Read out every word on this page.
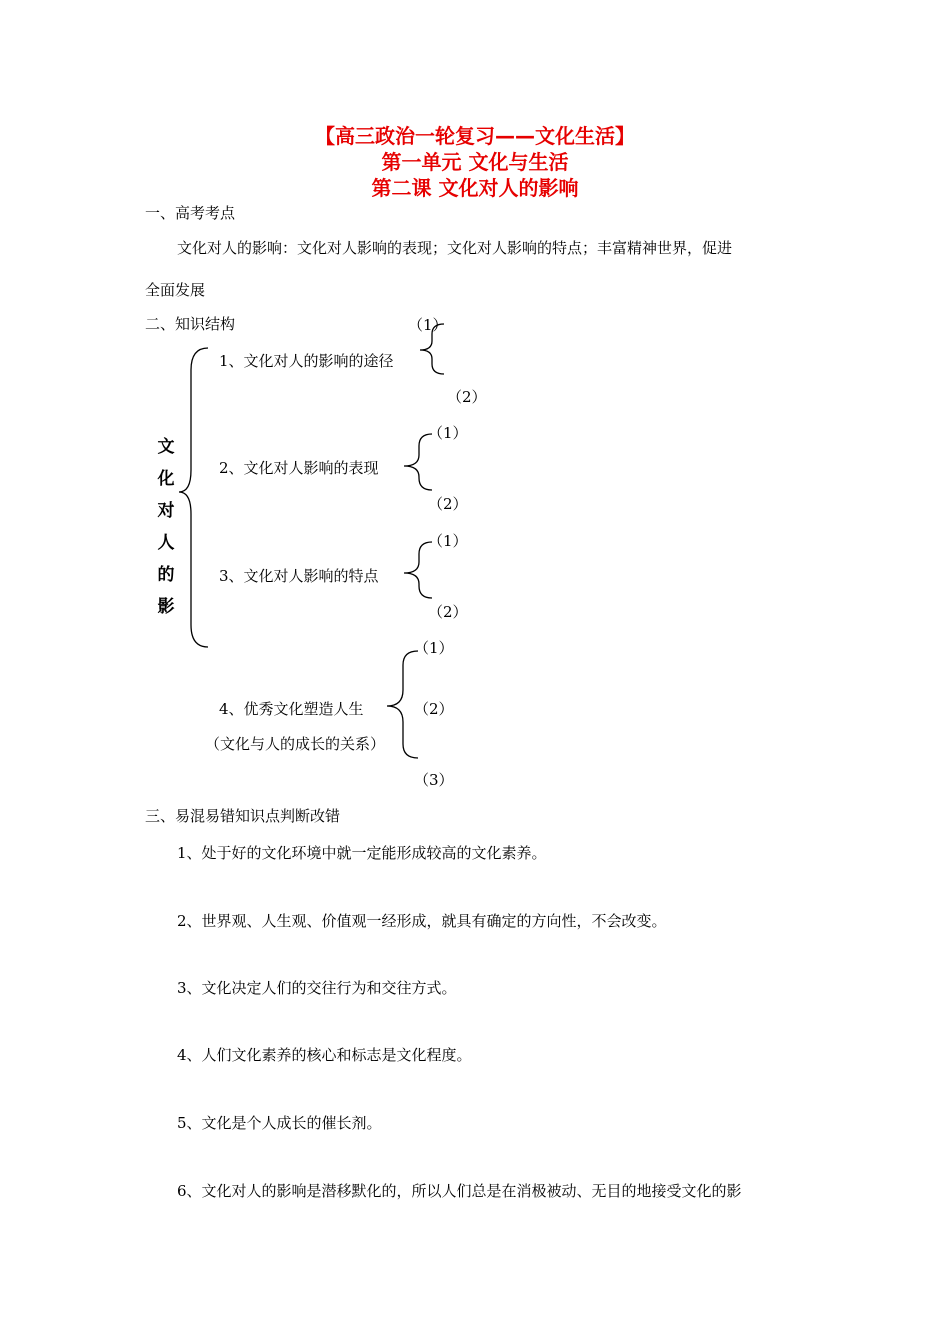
【高三政治一轮复习——文化生活】
第一单元 文化与生活
第二课 文化对人的影响
一、高考考点
文化对人的影响：文化对人影响的表现；文化对人影响的特点；丰富精神世界，促进
全面发展
二、知识结构
文
化
对
人
的
影
1、文化对人的影响的途径
（1）
（2）
2、文化对人影响的表现
（1）
（2）
3、文化对人影响的特点
（1）
（2）
4、优秀文化塑造人生
（文化与人的成长的关系）
（1）
（2）
（3）
三、易混易错知识点判断改错
1、处于好的文化环境中就一定能形成较高的文化素养。
2、世界观、人生观、价值观一经形成，就具有确定的方向性，不会改变。
3、文化决定人们的交往行为和交往方式。
4、人们文化素养的核心和标志是文化程度。
5、文化是个人成长的催长剂。
6、文化对人的影响是潜移默化的，所以人们总是在消极被动、无目的地接受文化的影
